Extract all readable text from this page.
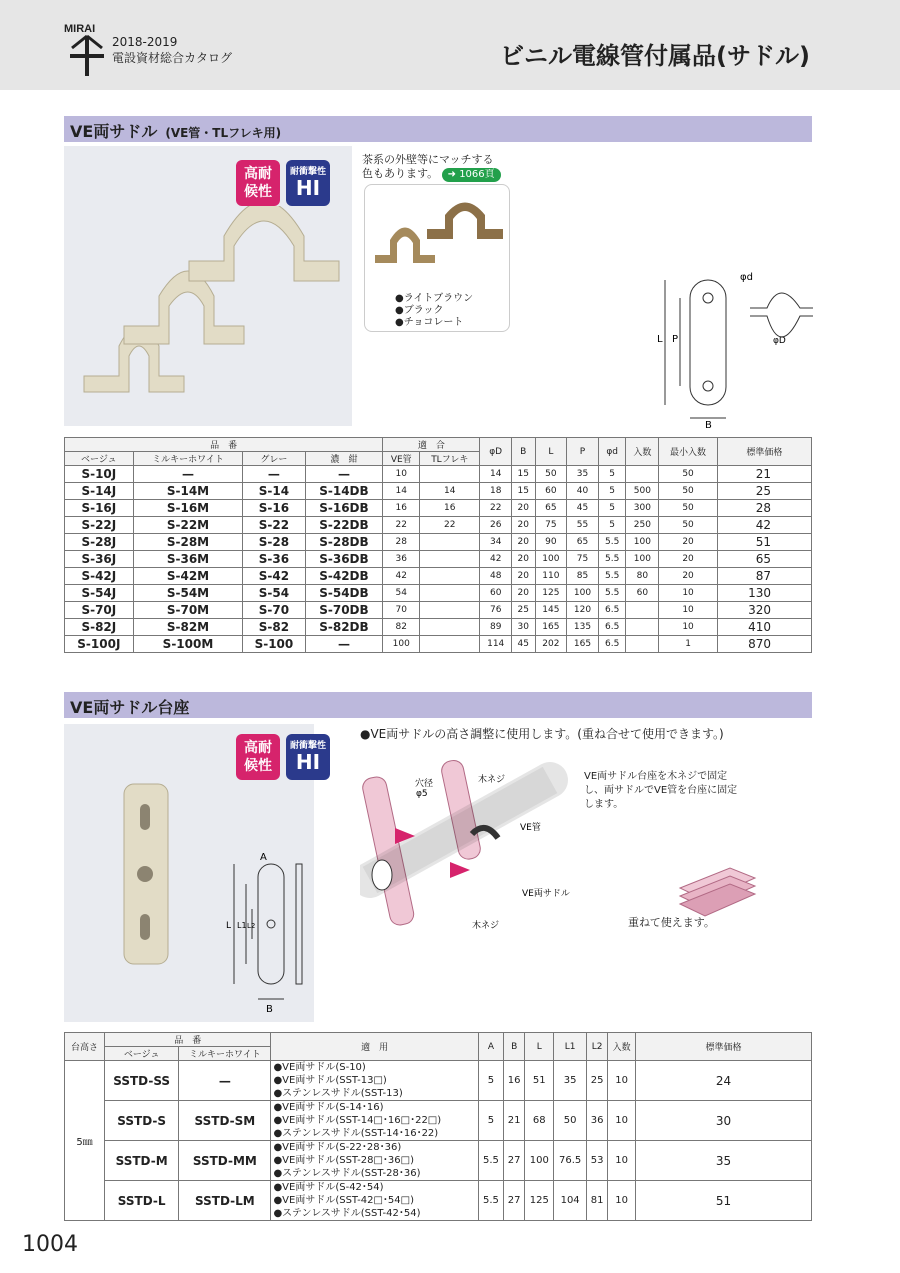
MIRAI
2018-2019
電設資材総合カタログ	ビニル電線管付属品(サドル)
VE両サドル (VE管・TLフレキ用)
高耐
候性
耐衝撃性
HI
茶系の外壁等にマッチする
色もあります。 ➜ 1066頁
●ライトブラウン
●ブラック
●チョコレート
L P
B
φd
φD
品　番				適　合		φD	B	L	P	φd	入数	最小入数	標準価格
ベージュ	ミルキーホワイト	グレー	濃　紺	VE管	TLフレキ								
S-10J	—	—	—	10		14	15	50	35	5		50	21
S-14J	S-14M	S-14	S-14DB	14	14	18	15	60	40	5	500	50	25
S-16J	S-16M	S-16	S-16DB	16	16	22	20	65	45	5	300	50	28
S-22J	S-22M	S-22	S-22DB	22	22	26	20	75	55	5	250	50	42
S-28J	S-28M	S-28	S-28DB	28		34	20	90	65	5.5	100	20	51
S-36J	S-36M	S-36	S-36DB	36		42	20	100	75	5.5	100	20	65
S-42J	S-42M	S-42	S-42DB	42		48	20	110	85	5.5	80	20	87
S-54J	S-54M	S-54	S-54DB	54		60	20	125	100	5.5	60	10	130
S-70J	S-70M	S-70	S-70DB	70		76	25	145	120	6.5		10	320
S-82J	S-82M	S-82	S-82DB	82		89	30	165	135	6.5		10	410
S-100J	S-100M	S-100	—	100		114	45	202	165	6.5		1	870
VE両サドル台座
高耐
候性
耐衝撃性
HI
A
L L1 L2
B
●VE両サドルの高さ調整に使用します。(重ね合せて使用できます。)
穴径
φ5
木ネジ
VE管
VE両サドル
木ネジ
VE両サドル台座を木ネジで固定し、両サドルでVE管を台座に固定します。
重ねて使えます。
台高さ	品　番		適　用	A	B	L	L1	L2	入数	標準価格
	ベージュ	ミルキーホワイト								
5㎜	SSTD-SS	—	●VE両サドル(S-10)
●VE両サドル(SST-13□)
●ステンレスサドル(SST-13)	5	16	51	35	25	10	24
	SSTD-S	SSTD-SM	●VE両サドル(S-14･16)
●VE両サドル(SST-14□･16□･22□)
●ステンレスサドル(SST-14･16･22)	5	21	68	50	36	10	30
	SSTD-M	SSTD-MM	●VE両サドル(S-22･28･36)
●VE両サドル(SST-28□･36□)
●ステンレスサドル(SST-28･36)	5.5	27	100	76.5	53	10	35
	SSTD-L	SSTD-LM	●VE両サドル(S-42･54)
●VE両サドル(SST-42□･54□)
●ステンレスサドル(SST-42･54)	5.5	27	125	104	81	10	51
1004
